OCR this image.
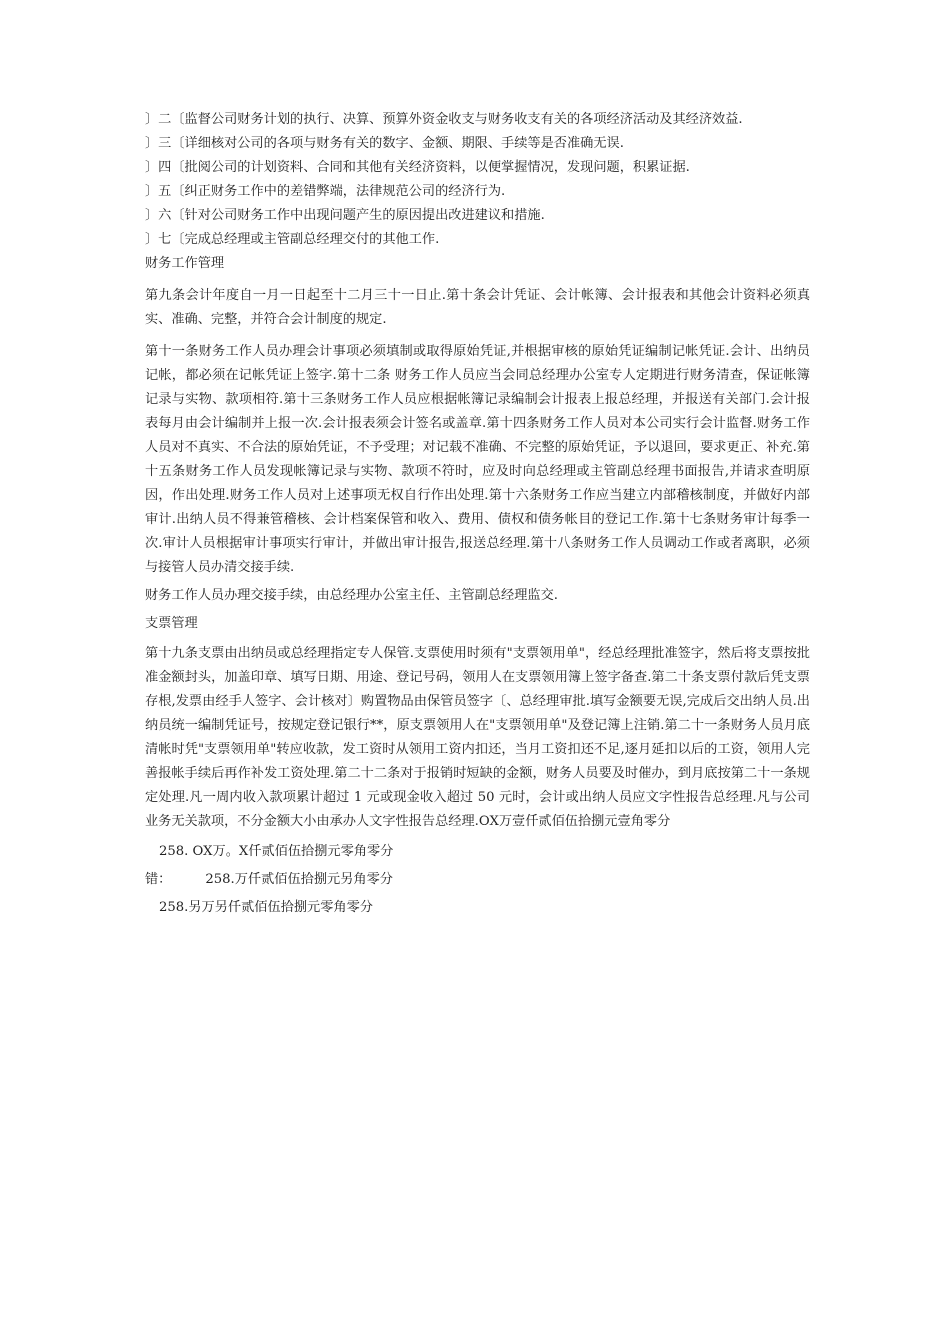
〕二〔监督公司财务计划的执行、决算、预算外资金收支与财务收支有关的各项经济活动及其经济效益.

〕三〔详细核对公司的各项与财务有关的数字、金额、期限、手续等是否准确无误.

〕四〔批阅公司的计划资料、合同和其他有关经济资料，以便掌握情况，发现问题，积累证据.

〕五〔纠正财务工作中的差错弊端，法律规范公司的经济行为.

〕六〔针对公司财务工作中出现问题产生的原因提出改进建议和措施.

〕七〔完成总经理或主管副总经理交付的其他工作.

财务工作管理

第九条会计年度自一月一日起至十二月三十一日止.第十条会计凭证、会计帐簿、会计报表和其他会计资料必须真实、准确、完整，并符合会计制度的规定.

第十一条财务工作人员办理会计事项必须填制或取得原始凭证,并根据审核的原始凭证编制记帐凭证.会计、出纳员记帐，都必须在记帐凭证上签字.第十二条 财务工作人员应当会同总经理办公室专人定期进行财务清查，保证帐簿记录与实物、款项相符.第十三条财务工作人员应根据帐簿记录编制会计报表上报总经理，并报送有关部门.会计报表每月由会计编制并上报一次.会计报表须会计签名或盖章.第十四条财务工作人员对本公司实行会计监督.财务工作人员对不真实、不合法的原始凭证，不予受理；对记载不准确、不完整的原始凭证，予以退回，要求更正、补充.第十五条财务工作人员发现帐簿记录与实物、款项不符时，应及时向总经理或主管副总经理书面报告,并请求查明原因，作出处理.财务工作人员对上述事项无权自行作出处理.第十六条财务工作应当建立内部稽核制度，并做好内部审计.出纳人员不得兼管稽核、会计档案保管和收入、费用、债权和债务帐目的登记工作.第十七条财务审计每季一次.审计人员根据审计事项实行审计，并做出审计报告,报送总经理.第十八条财务工作人员调动工作或者离职，必须与接管人员办清交接手续.

财务工作人员办理交接手续，由总经理办公室主任、主管副总经理监交.

支票管理

第十九条支票由出纳员或总经理指定专人保管.支票使用时须有"支票领用单"，经总经理批准签字，然后将支票按批准金额封头，加盖印章、填写日期、用途、登记号码，领用人在支票领用簿上签字备查.第二十条支票付款后凭支票存根,发票由经手人签字、会计核对〕购置物品由保管员签字〔、总经理审批.填写金额要无误,完成后交出纳人员.出纳员统一编制凭证号，按规定登记银行**，原支票领用人在"支票领用单"及登记簿上注销.第二十一条财务人员月底清帐时凭"支票领用单"转应收款，发工资时从领用工资内扣还，当月工资扣还不足,逐月延扣以后的工资，领用人完善报帐手续后再作补发工资处理.第二十二条对于报销时短缺的金额，财务人员要及时催办，到月底按第二十一条规定处理.凡一周内收入款项累计超过 1 元或现金收入超过 50 元时，会计或出纳人员应文字性报告总经理.凡与公司业务无关款项，不分金额大小由承办人文字性报告总经理.OX万壹仟贰佰伍拾捌元壹角零分

258. OX万。X仟贰佰伍拾捌元零角零分

错：	258.万仟贰佰伍拾捌元另角零分

258.另万另仟贰佰伍拾捌元零角零分
